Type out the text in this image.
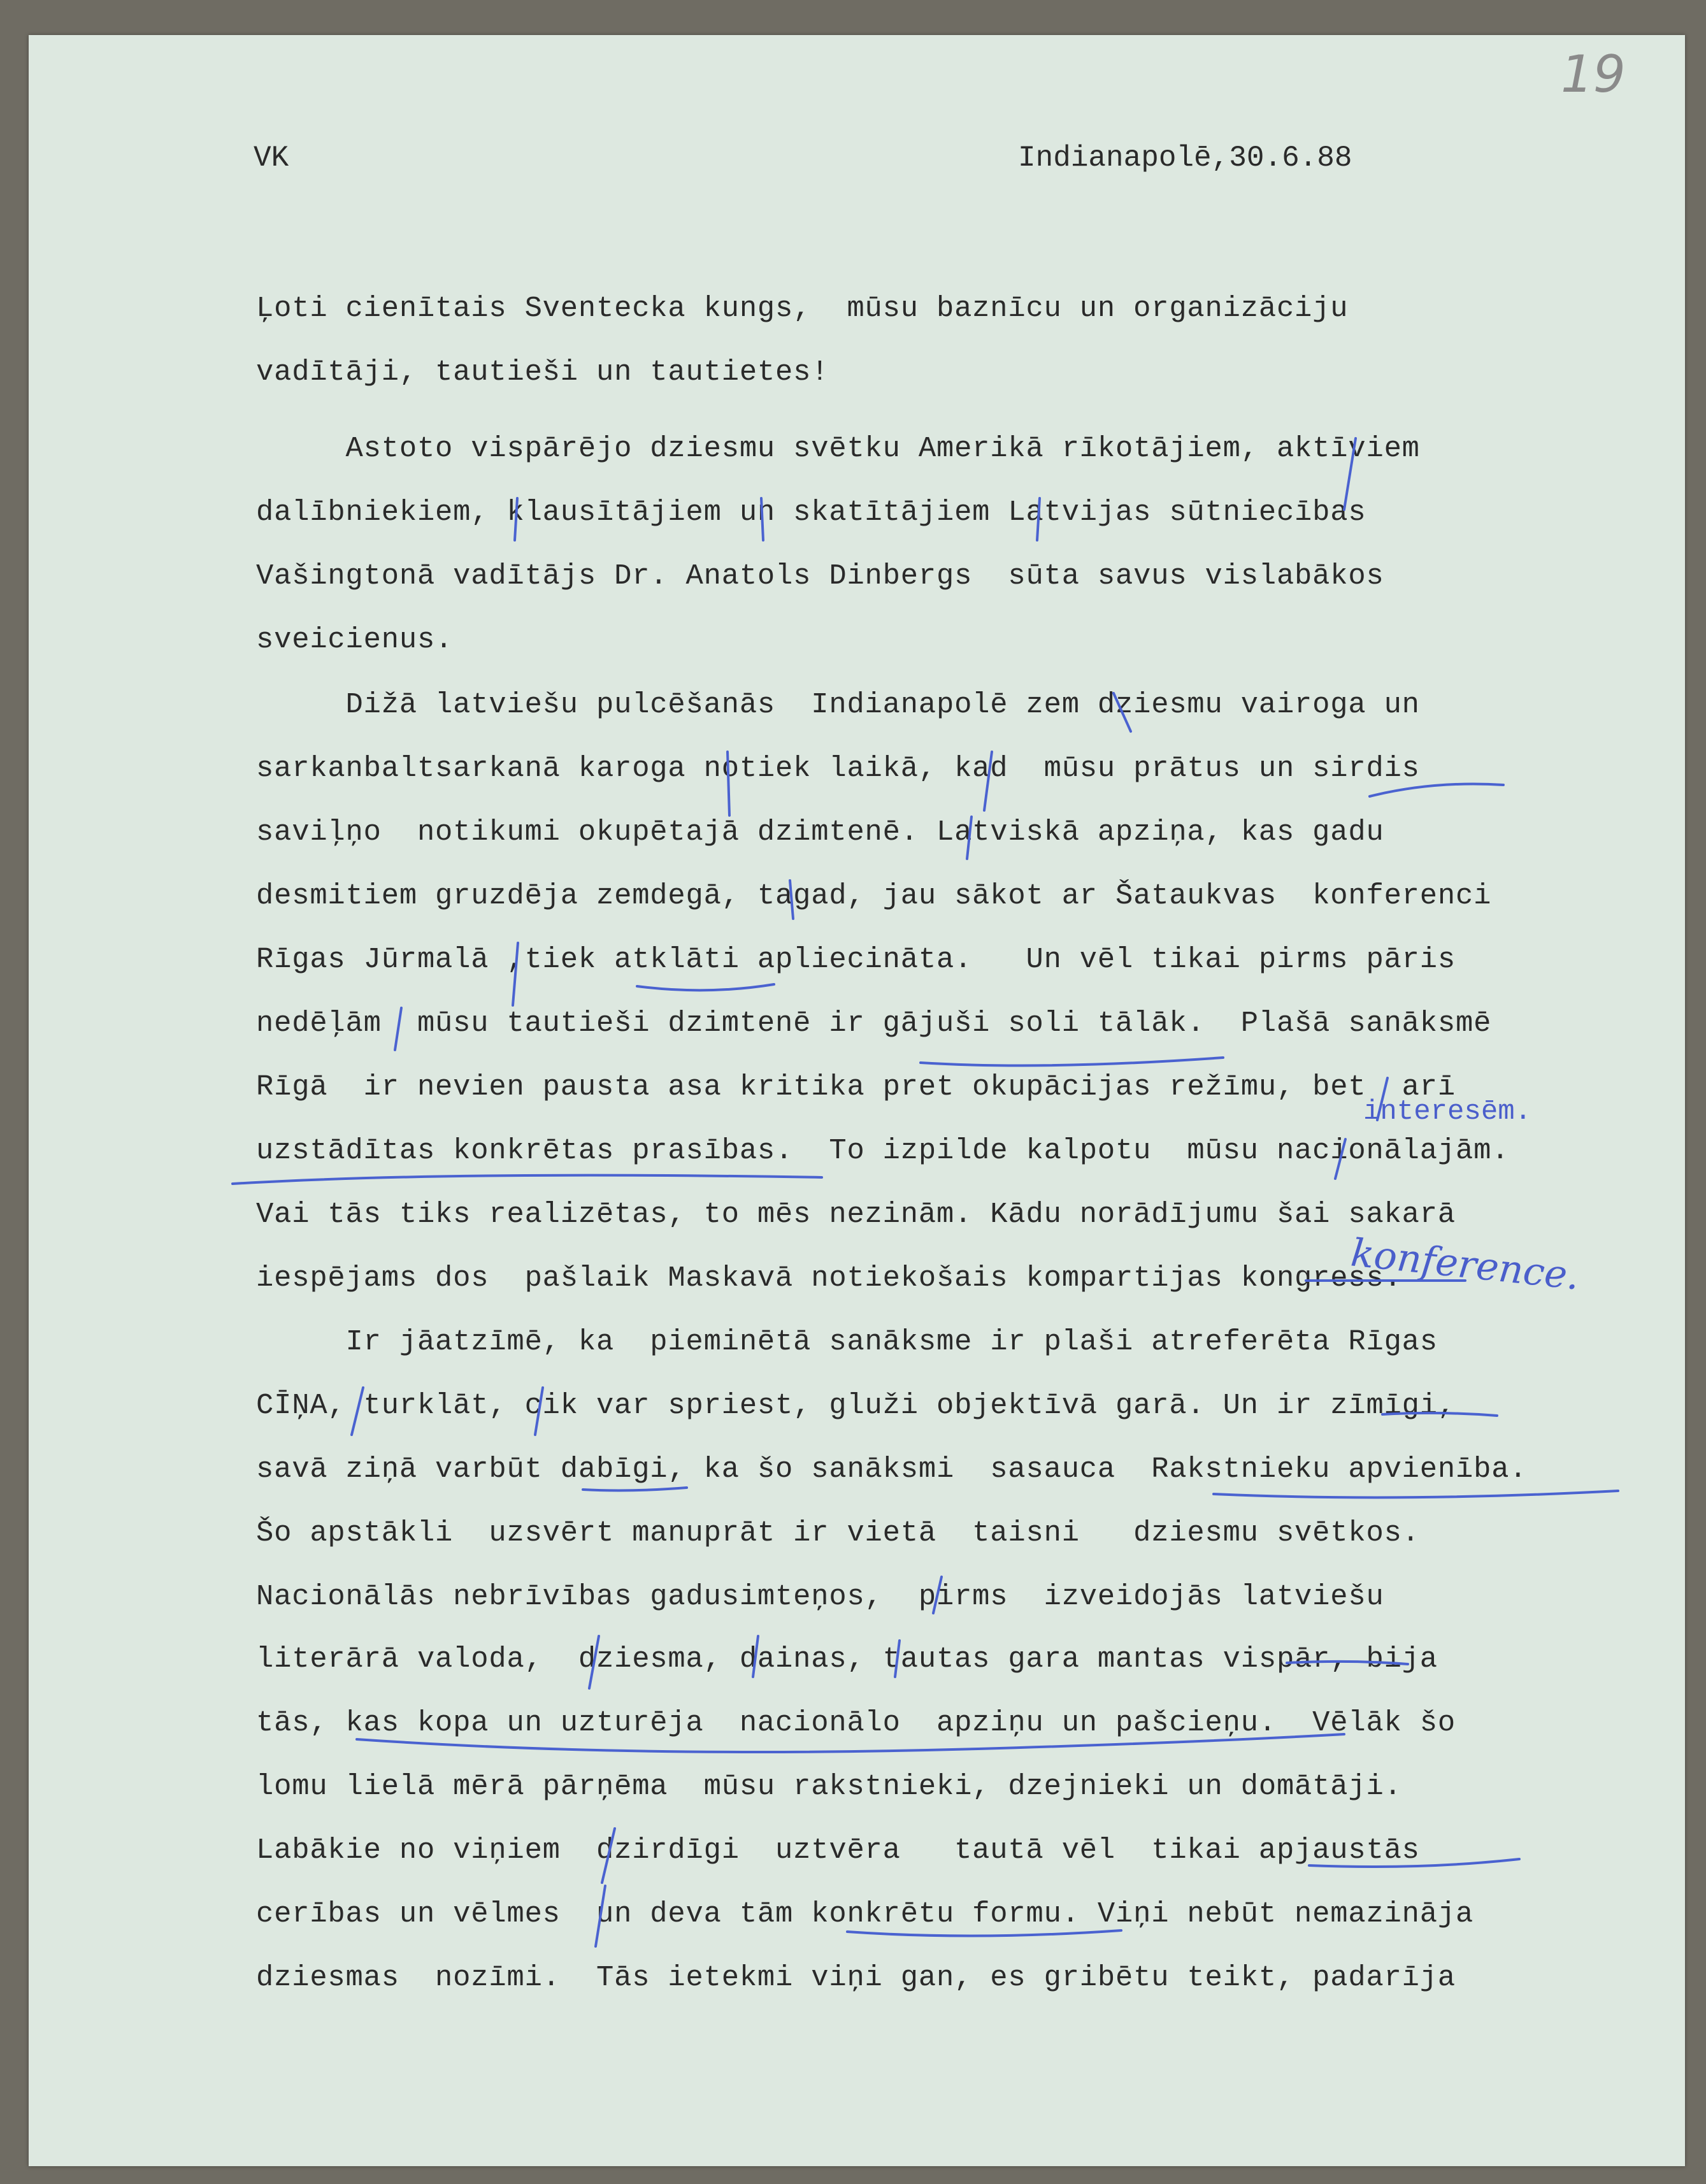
VK	Indianapolē,30.6.88
19
Ļoti cienītais Sventecka kungs,  mūsu baznīcu un organizāciju
vadītāji, tautieši un tautietes!
Astoto vispārējo dziesmu svētku Amerikā rīkotājiem, aktīviem
dalībniekiem, klausītājiem un skatītājiem Latvijas sūtniecības
Vašingtonā vadītājs Dr. Anatols Dinbergs  sūta savus vislabākos
sveicienus.
Dižā latviešu pulcēšanās  Indianapolē zem dziesmu vairoga un
sarkanbaltsarkanā karoga notiek laikā, kad  mūsu prātus un sirdis
saviļņo  notikumi okupētajā dzimtenē. Latviskā apziņa, kas gadu
desmitiem gruzdēja zemdegā, tagad, jau sākot ar Šataukvas  konferenci
Rīgas Jūrmalā ,tiek atklāti apliecināta.   Un vēl tikai pirms pāris
nedēļām  mūsu tautieši dzimtenē ir gājuši soli tālāk.  Plašā sanāksmē
Rīgā  ir nevien pausta asa kritika pret okupācijas režīmu, bet  arī
uzstādītas konkrētas prasības.  To izpilde kalpotu  mūsu nacionālajām.
Vai tās tiks realizētas, to mēs nezinām. Kādu norādījumu šai sakarā
iespējams dos  pašlaik Maskavā notiekošais kompartijas kongress.
Ir jāatzīmē, ka  pieminētā sanāksme ir plaši atreferēta Rīgas
CĪŅA, turklāt, cik var spriest, gluži objektīvā garā. Un ir zīmīgi,
savā ziņā varbūt dabīgi, ka šo sanāksmi  sasauca  Rakstnieku apvienība.
Šo apstākli  uzsvērt manuprāt ir vietā  taisni   dziesmu svētkos.
Nacionālās nebrīvības gadusimteņos,  pirms  izveidojās latviešu
literārā valoda,  dziesma, dainas, tautas gara mantas vispār, bija
tās, kas kopa un uzturēja  nacionālo  apziņu un pašcieņu.  Vēlāk šo
lomu lielā mērā pārņēma  mūsu rakstnieki, dzejnieki un domātāji.
Labākie no viņiem  dzirdīgi  uztvēra   tautā vēl  tikai apjaustās
cerības un vēlmes  un deva tām konkrētu formu. Viņi nebūt nemazināja
dziesmas  nozīmi.  Tās ietekmi viņi gan, es gribētu teikt, padarīja
interesēm.
konference.
